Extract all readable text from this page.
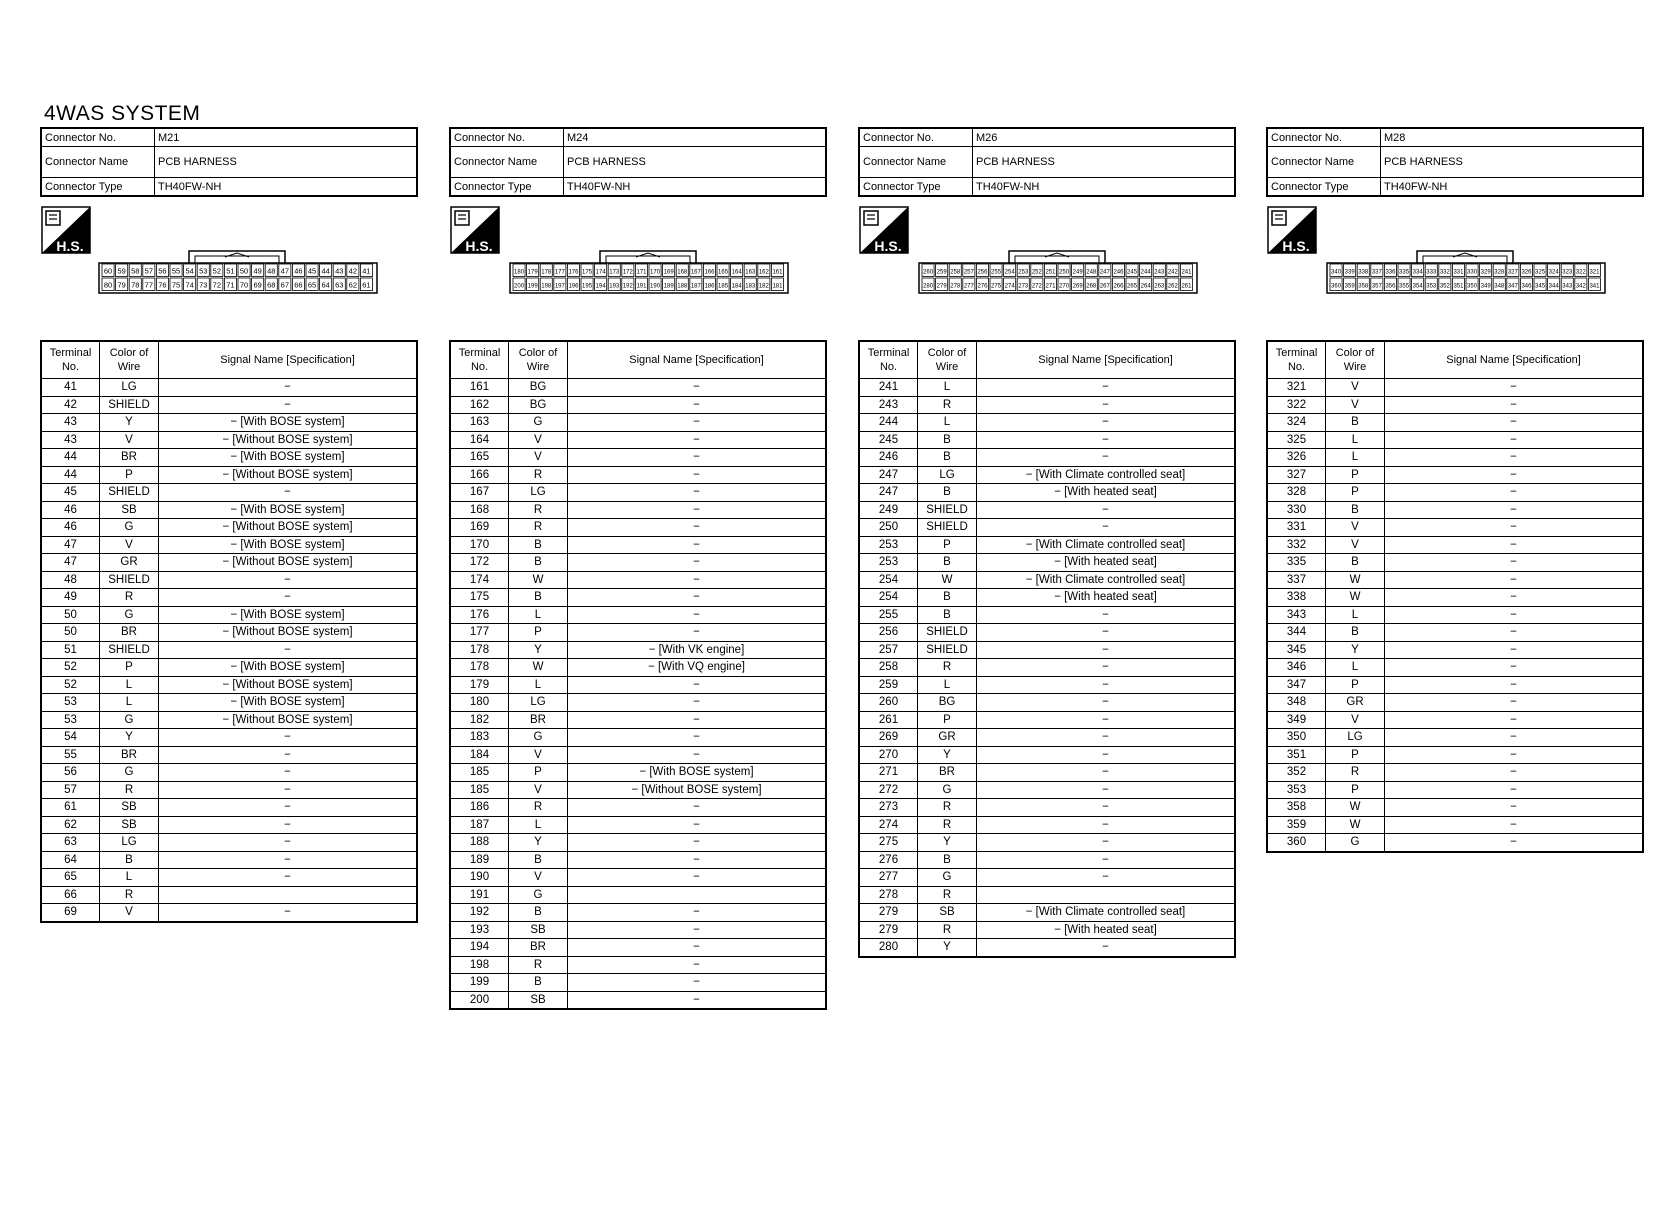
4WAS SYSTEM
Connector No.	M21
Connector Name	PCB HARNESS
Connector Type	TH40FW-NH
H.S.
60 59 58 57 56 55 54 53 52 51 50 49 48 47 46 45 44 43 42 41
80 79 78 77 76 75 74 73 72 71 70 69 68 67 66 65 64 63 62 61
Terminal No.	Color of Wire	Signal Name [Specification]
41	LG	−
42	SHIELD	−
43	Y	− [With BOSE system]
43	V	− [Without BOSE system]
44	BR	− [With BOSE system]
44	P	− [Without BOSE system]
45	SHIELD	−
46	SB	− [With BOSE system]
46	G	− [Without BOSE system]
47	V	− [With BOSE system]
47	GR	− [Without BOSE system]
48	SHIELD	−
49	R	−
50	G	− [With BOSE system]
50	BR	− [Without BOSE system]
51	SHIELD	−
52	P	− [With BOSE system]
52	L	− [Without BOSE system]
53	L	− [With BOSE system]
53	G	− [Without BOSE system]
54	Y	−
55	BR	−
56	G	−
57	R	−
61	SB	−
62	SB	−
63	LG	−
64	B	−
65	L	−
66	R	
69	V	−
Connector No.	M24
Connector Name	PCB HARNESS
Connector Type	TH40FW-NH
H.S.
180 179 178 177 176 175 174 173 172 171 170 169 168 167 166 165 164 163 162 161
200 199 198 197 196 195 194 193 192 191 190 189 188 187 186 185 184 183 182 181
Terminal No.	Color of Wire	Signal Name [Specification]
161	BG	−
162	BG	−
163	G	−
164	V	−
165	V	−
166	R	−
167	LG	−
168	R	−
169	R	−
170	B	−
172	B	−
174	W	−
175	B	−
176	L	−
177	P	−
178	Y	− [With VK engine]
178	W	− [With VQ engine]
179	L	−
180	LG	−
182	BR	−
183	G	−
184	V	−
185	P	− [With BOSE system]
185	V	− [Without BOSE system]
186	R	−
187	L	−
188	Y	−
189	B	−
190	V	−
191	G	
192	B	−
193	SB	−
194	BR	−
198	R	−
199	B	−
200	SB	−
Connector No.	M26
Connector Name	PCB HARNESS
Connector Type	TH40FW-NH
H.S.
260 259 258 257 256 255 254 253 252 251 250 249 248 247 246 245 244 243 242 241
280 279 278 277 276 275 274 273 272 271 270 269 268 267 266 265 264 263 262 261
Terminal No.	Color of Wire	Signal Name [Specification]
241	L	−
243	R	−
244	L	−
245	B	−
246	B	−
247	LG	− [With Climate controlled seat]
247	B	− [With heated seat]
249	SHIELD	−
250	SHIELD	−
253	P	− [With Climate controlled seat]
253	B	− [With heated seat]
254	W	− [With Climate controlled seat]
254	B	− [With heated seat]
255	B	−
256	SHIELD	−
257	SHIELD	−
258	R	−
259	L	−
260	BG	−
261	P	−
269	GR	−
270	Y	−
271	BR	−
272	G	−
273	R	−
274	R	−
275	Y	−
276	B	−
277	G	−
278	R	
279	SB	− [With Climate controlled seat]
279	R	− [With heated seat]
280	Y	−
Connector No.	M28
Connector Name	PCB HARNESS
Connector Type	TH40FW-NH
H.S.
340 339 338 337 336 335 334 333 332 331 330 329 328 327 326 325 324 323 322 321
360 359 358 357 356 355 354 353 352 351 350 349 348 347 346 345 344 343 342 341
Terminal No.	Color of Wire	Signal Name [Specification]
321	V	−
322	V	−
324	B	−
325	L	−
326	L	−
327	P	−
328	P	−
330	B	−
331	V	−
332	V	−
335	B	−
337	W	−
338	W	−
343	L	−
344	B	−
345	Y	−
346	L	−
347	P	−
348	GR	−
349	V	−
350	LG	−
351	P	−
352	R	−
353	P	−
358	W	−
359	W	−
360	G	−
